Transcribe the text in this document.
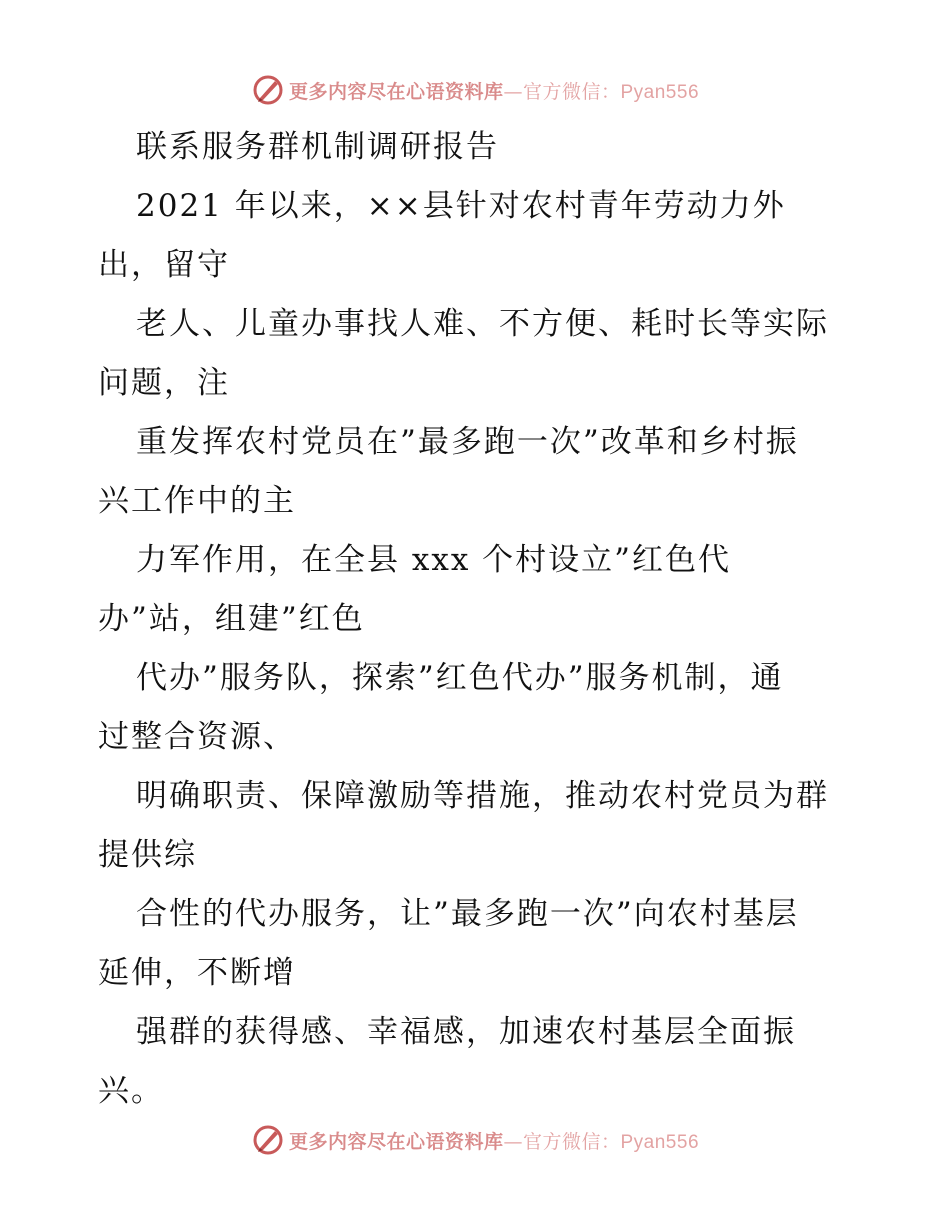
更多内容尽在心语资料库—官方微信：Pyan556
联系服务群机制调研报告
2021 年以来，××县针对农村青年劳动力外
出，留守
老人、儿童办事找人难、不方便、耗时长等实际
问题，注
重发挥农村党员在”最多跑一次”改革和乡村振
兴工作中的主
力军作用，在全县 xxx 个村设立”红色代
办”站，组建”红色
代办”服务队，探索”红色代办”服务机制，通
过整合资源、
明确职责、保障激励等措施，推动农村党员为群
提供综
合性的代办服务，让”最多跑一次”向农村基层
延伸，不断增
强群的获得感、幸福感，加速农村基层全面振
兴。
更多内容尽在心语资料库—官方微信：Pyan556
